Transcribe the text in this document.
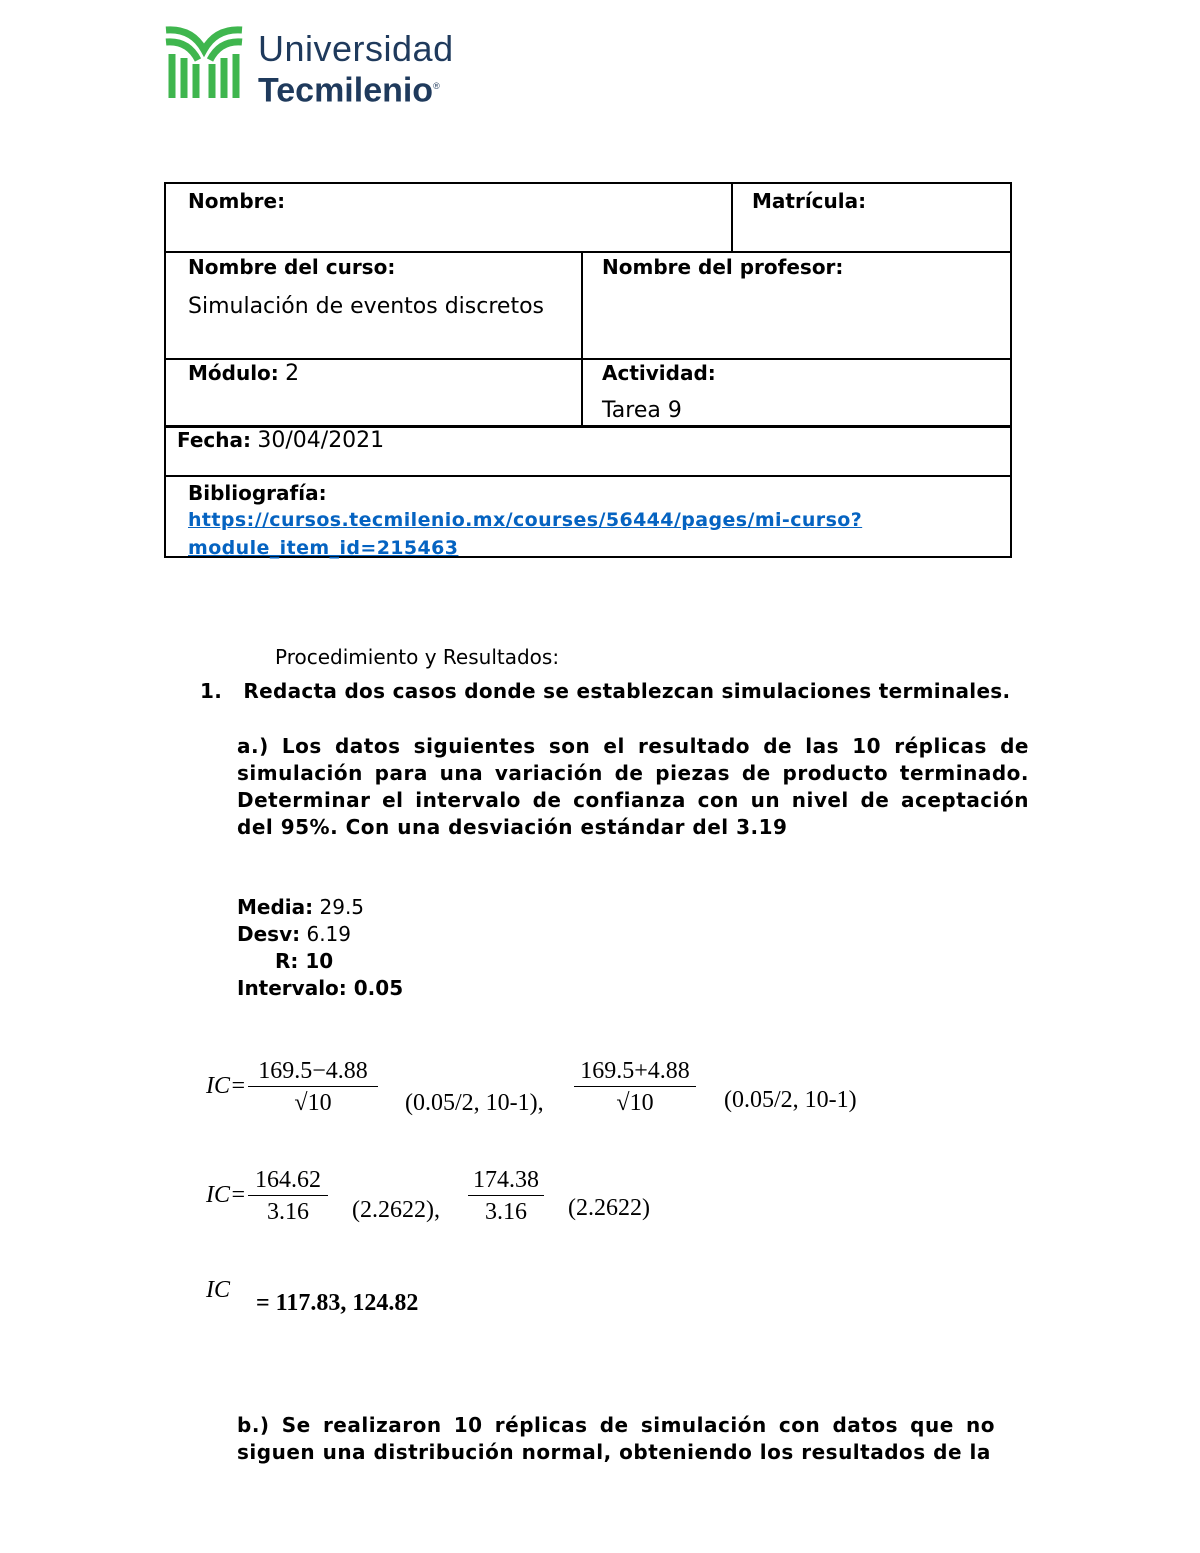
Universidad
Tecmilenio®
Nombre:	Matrícula:
Nombre del curso:
Simulación de eventos discretos
Nombre del profesor:
Módulo: 2	Actividad:
Tarea 9
Fecha: 30/04/2021
Bibliografía:
https://cursos.tecmilenio.mx/courses/56444/pages/mi-curso?
module_item_id=215463
Procedimiento y Resultados:
1. Redacta dos casos donde se establezcan simulaciones terminales.
a.) Los datos siguientes son el resultado de las 10 réplicas de simulación para una variación de piezas de producto terminado. Determinar el intervalo de confianza con un nivel de aceptación del 95%. Con una desviación estándar del 3.19
Media: 29.5
Desv: 6.19
R: 10
Intervalo: 0.05
$IC= \frac{169.5-4.88}{√10} (0.05/2$, 10-1), $\frac{169.5+4.88}{√10} (0.05/2$, 10-1)
$IC= \frac{164.62}{3.16} (2.2622)$, $\frac{174.38}{3.16} (2.2622)$
IC = 117.83, 124.82
b.) Se realizaron 10 réplicas de simulación con datos que no siguen una distribución normal, obteniendo los resultados de la
